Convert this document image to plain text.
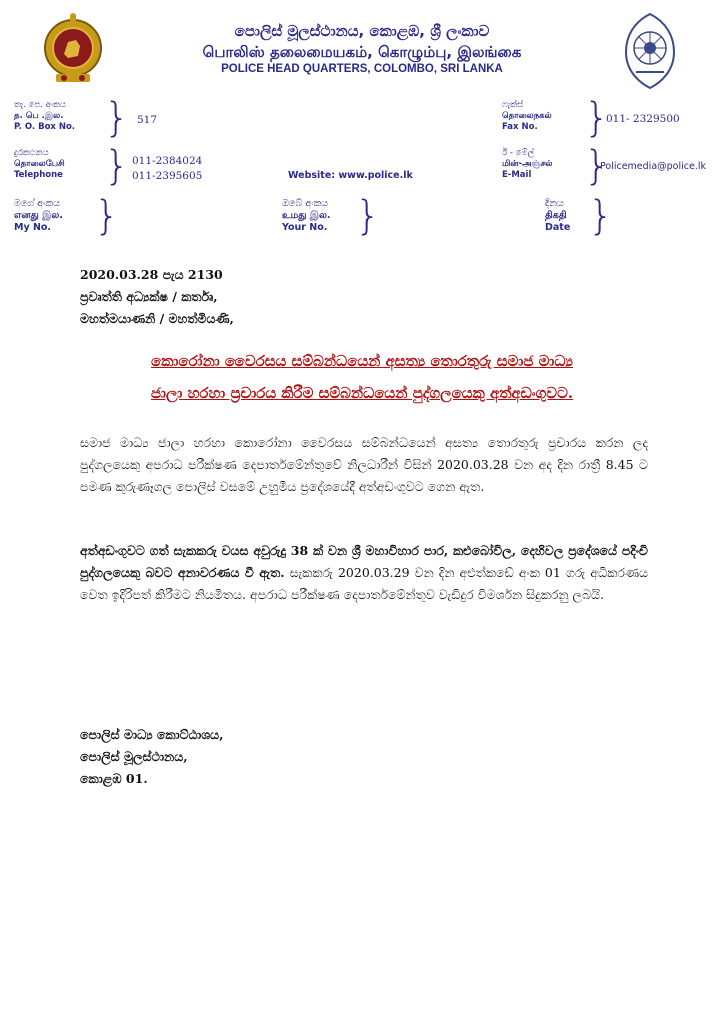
පොලිස් මූලස්ථානය, කොළඹ, ශ්‍රී ලංකාව
பொலிஸ் தலைமையகம், கொழும்பு, இலங்கை
POLICE HEAD QUARTERS, COLOMBO, SRI LANKA
තැ. පෙ. අංකය
த. பெ .இல.
P. O. Box No. } 517
ෆැක්ස්
தொலைநகல்
Fax No.	}
011- 2329500
දුරකථනය
தொலைபேசி
Telephone } 011-2384024
011-2395605	Website: www.police.lk
ඊ - මේල්
மின்-அஞ்சல்
E-Mail	}
Policemedia@police.lk
මගේ අංකය
எனது இல.
My No. }	ඔබේ අංකය
உமது இல.
Your No. }	දිනය
திகதி
Date }
2020.03.28 පැය 2130
ප්‍රවෘත්ති අධ්‍යක්ෂ / කර්තෘ,
මහත්මයාණනි / මහත්මියණි,
කොරෝනා වෛරසය සම්බන්ධයෙන් අසත්‍ය තොරතුරු සමාජ මාධ්‍ය
ජාලා හරහා ප්‍රචාරය කිරීම සම්බන්ධයෙන් පුද්ගලයෙකු අත්අඩංගුවට.
සමාජ මාධ්‍ය ජාලා හරහා කොරෝනා වෛරසය සම්බන්ධයෙන් අසත්‍ය තොරතුරු ප්‍රචාරය කරන ලද පුද්ගලයෙකු අපරාධ පරීක්ෂණ දෙපාර්තමේන්තුවේ නිලධාරීන් විසින් 2020.03.28 වන අද දින රාත්‍රී 8.45 ට පමණ කුරුණෑගල පොලිස් වසමේ උහුමීය ප්‍රදේශයේදී අත්අඩංගුවට ගෙන ඇත.
අත්අඩංගුවට ගත් සැකකරු වයස අවුරුදු 38 ක් වන ශ්‍රී මහාවිහාර පාර, කළුබෝවිල, දෙහිවල ප්‍රදේශයේ පදිංචි පුද්ගලයෙකු බවට අනාවරණය වී ඇත. සැකකරු 2020.03.29 වන දින අළුත්කඩේ අංක 01 ගරු අධිකරණය වෙත ඉදිරිපත් කිරීමට නියමිතය. අපරාධ පරීක්ෂණ දෙපාර්තමේන්තුව වැඩිදුර විමර්ශන සිදුකරනු ලබයි.
පොලිස් මාධ්‍ය කොට්ඨාශය,
පොලිස් මූලස්ථානය,
කොළඹ 01.
